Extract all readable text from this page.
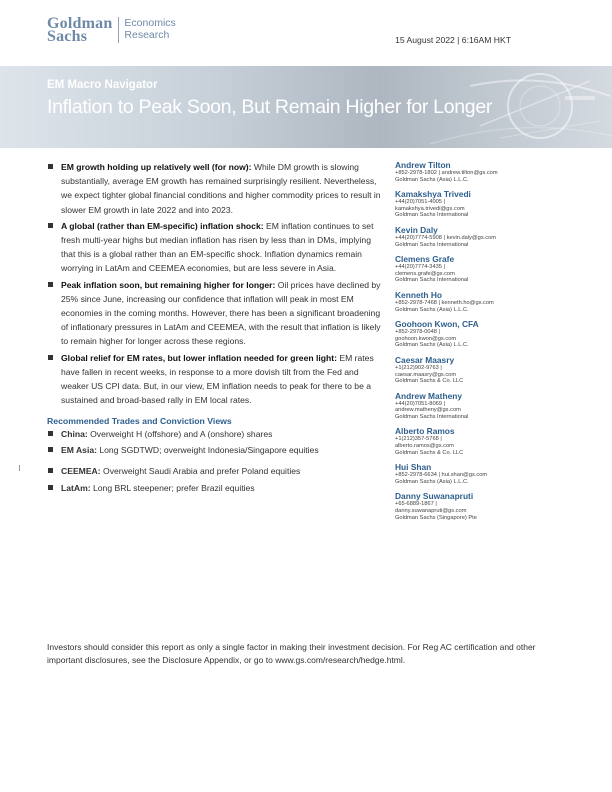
Goldman
Sachs
Economics
Research	15 August 2022 | 6:16AM HKT
EM Macro Navigator
Inflation to Peak Soon, But Remain Higher for Longer
EM growth holding up relatively well (for now): While DM growth is slowing substantially, average EM growth has remained surprisingly resilient. Nevertheless, we expect tighter global financial conditions and higher commodity prices to result in slower EM growth in late 2022 and into 2023.
A global (rather than EM-specific) inflation shock: EM inflation continues to set fresh multi-year highs but median inflation has risen by less than in DMs, implying that this is a global rather than an EM-specific shock. Inflation dynamics remain worrying in LatAm and CEEMEA economies, but are less severe in Asia.
Peak inflation soon, but remaining higher for longer: Oil prices have declined by 25% since June, increasing our confidence that inflation will peak in most EM economies in the coming months. However, there has been a significant broadening of inflationary pressures in LatAm and CEEMEA, with the result that inflation is likely to remain higher for longer across these regions.
Global relief for EM rates, but lower inflation needed for green light: EM rates have fallen in recent weeks, in response to a more dovish tilt from the Fed and weaker US CPI data. But, in our view, EM inflation needs to peak for there to be a sustained and broad-based rally in EM local rates.
Recommended Trades and Conviction Views
China: Overweight H (offshore) and A (onshore) shares
EM Asia: Long SGDTWD; overweight Indonesia/Singapore equities
CEEMEA: Overweight Saudi Arabia and prefer Poland equities
LatAm: Long BRL steepener; prefer Brazil equities
Andrew Tilton
+852-2978-1802 | andrew.tilton@gs.com
Goldman Sachs (Asia) L.L.C.
Kamakshya Trivedi
+44(20)7051-4005 |
kamakshya.trivedi@gs.com
Goldman Sachs International
Kevin Daly
+44(20)7774-5908 | kevin.daly@gs.com
Goldman Sachs International
Clemens Grafe
+44(20)7774-3435 |
clemens.grafe@gs.com
Goldman Sachs International
Kenneth Ho
+852-2978-7468 | kenneth.ho@gs.com
Goldman Sachs (Asia) L.L.C.
Goohoon Kwon, CFA
+852-2978-0048 |
goohoon.kwon@gs.com
Goldman Sachs (Asia) L.L.C.
Caesar Maasry
+1(212)902-9763 |
caesar.maasry@gs.com
Goldman Sachs & Co. LLC
Andrew Matheny
+44(20)7051-8069 |
andrew.matheny@gs.com
Goldman Sachs International
Alberto Ramos
+1(212)357-5768 |
alberto.ramos@gs.com
Goldman Sachs & Co. LLC
Hui Shan
+852-2978-6634 | hui.shan@gs.com
Goldman Sachs (Asia) L.L.C.
Danny Suwanapruti
+65-6889-1867 |
danny.suwanapruti@gs.com
Goldman Sachs (Singapore) Pte
Investors should consider this report as only a single factor in making their investment decision. For Reg AC certification and other important disclosures, see the Disclosure Appendix, or go to www.gs.com/research/hedge.html.
